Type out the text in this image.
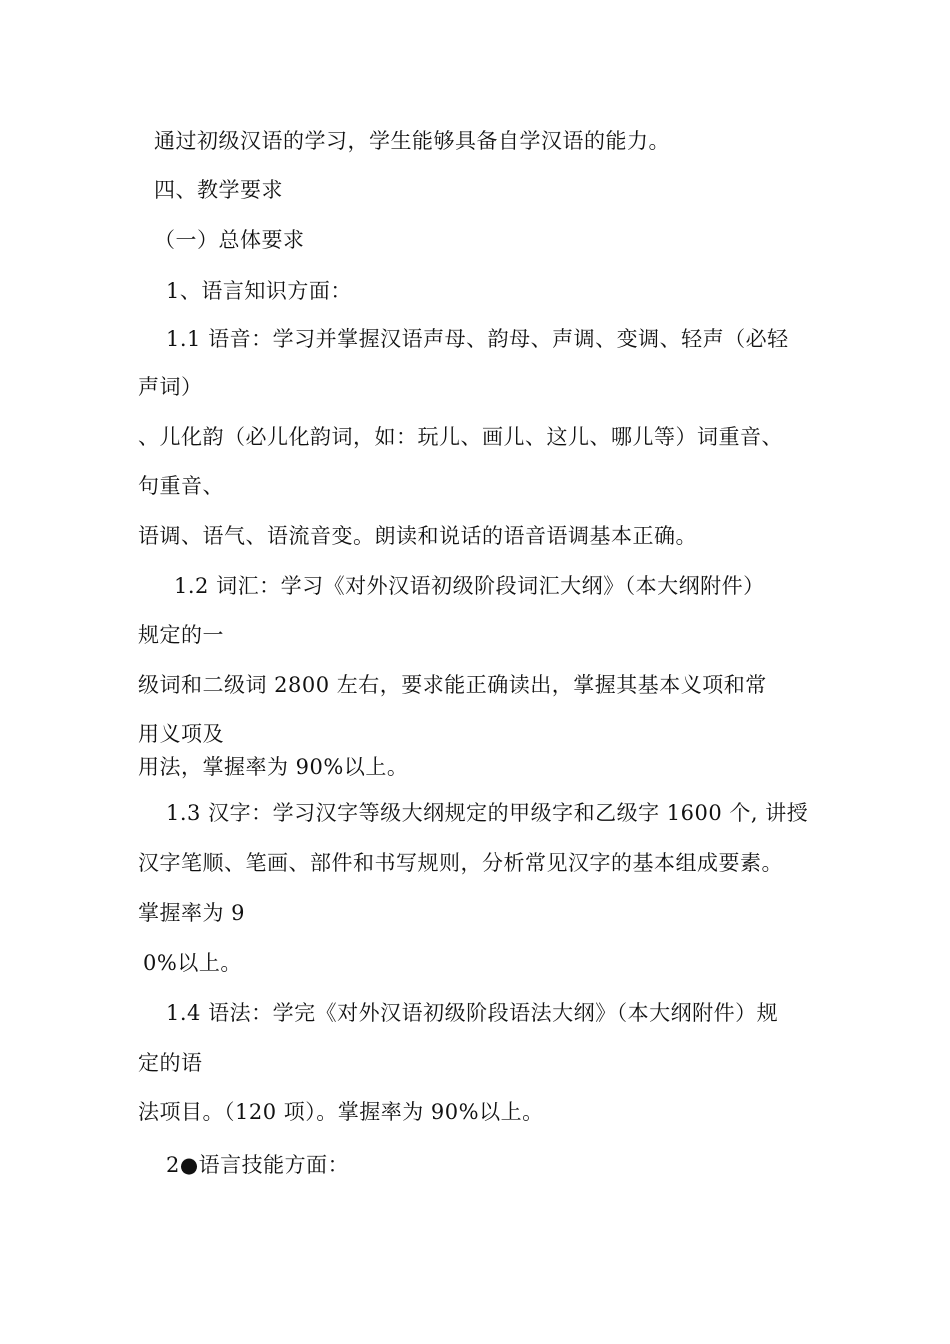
通过初级汉语的学习，学生能够具备自学汉语的能力。
四、教学要求
（一）总体要求
1、语言知识方面：
1.1 语音：学习并掌握汉语声母、韵母、声调、变调、轻声（必轻
声词）
、儿化韵（必儿化韵词，如：玩儿、画儿、这儿、哪儿等）词重音、
句重音、
语调、语气、语流音变。朗读和说话的语音语调基本正确。
1.2 词汇：学习《对外汉语初级阶段词汇大纲》（本大纲附件）
规定的一
级词和二级词 2800 左右，要求能正确读出，掌握其基本义项和常
用义项及
用法，掌握率为 90%以上。
1.3 汉字：学习汉字等级大纲规定的甲级字和乙级字 1600 个, 讲授
汉字笔顺、笔画、部件和书写规则，分析常见汉字的基本组成要素。
掌握率为 9
0%以上。
1.4 语法：学完《对外汉语初级阶段语法大纲》（本大纲附件）规
定的语
法项目。（120 项）。掌握率为 90%以上。
2●语言技能方面：
